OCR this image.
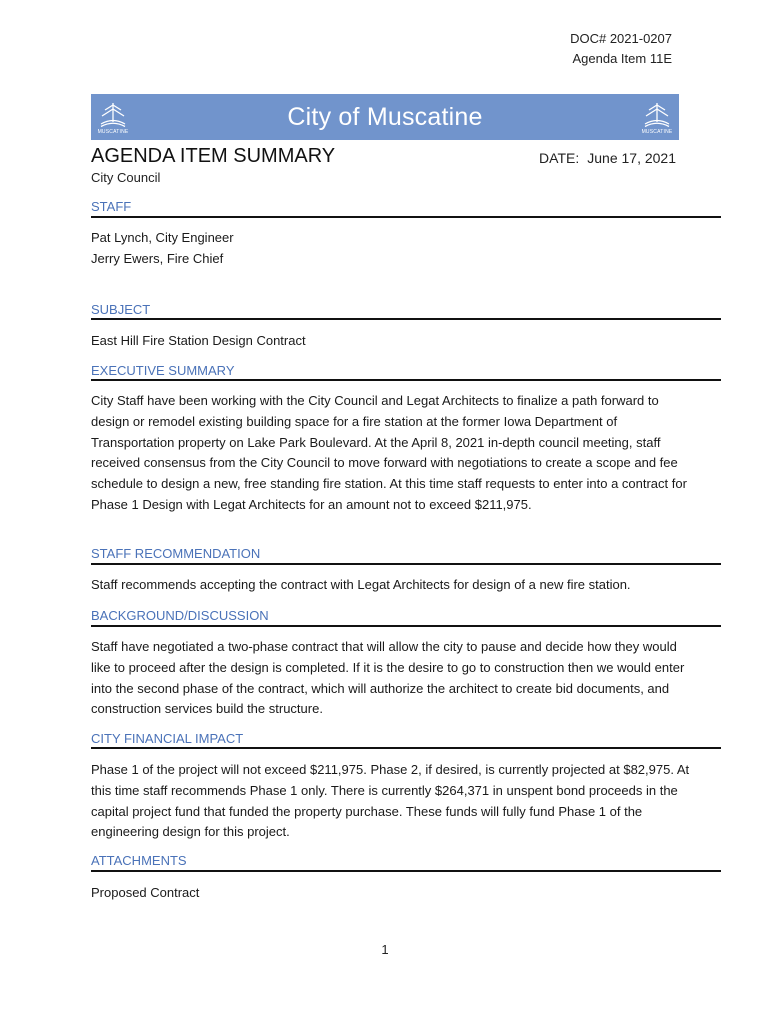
DOC# 2021-0207
Agenda Item 11E
MUSCATINE
City of Muscatine
MUSCATINE
AGENDA ITEM SUMMARY	DATE: June 17, 2021
City Council
STAFF

Pat Lynch, City Engineer

Jerry Ewers, Fire Chief

SUBJECT
East Hill Fire Station Design Contract
EXECUTIVE SUMMARY
City Staff have been working with the City Council and Legat Architects to finalize a path forward to design or remodel existing building space for a fire station at the former Iowa Department of Transportation property on Lake Park Boulevard. At the April 8, 2021 in-depth council meeting, staff received consensus from the City Council to move forward with negotiations to create a scope and fee schedule to design a new, free standing fire station. At this time staff requests to enter into a contract for Phase 1 Design with Legat Architects for an amount not to exceed $211,975.
STAFF RECOMMENDATION
Staff recommends accepting the contract with Legat Architects for design of a new fire station.
BACKGROUND/DISCUSSION
Staff have negotiated a two-phase contract that will allow the city to pause and decide how they would like to proceed after the design is completed. If it is the desire to go to construction then we would enter into the second phase of the contract, which will authorize the architect to create bid documents, and construction services build the structure.
CITY FINANCIAL IMPACT
Phase 1 of the project will not exceed $211,975. Phase 2, if desired, is currently projected at $82,975. At this time staff recommends Phase 1 only. There is currently $264,371 in unspent bond proceeds in the capital project fund that funded the property purchase. These funds will fully fund Phase 1 of the engineering design for this project.
ATTACHMENTS
Proposed Contract
1
